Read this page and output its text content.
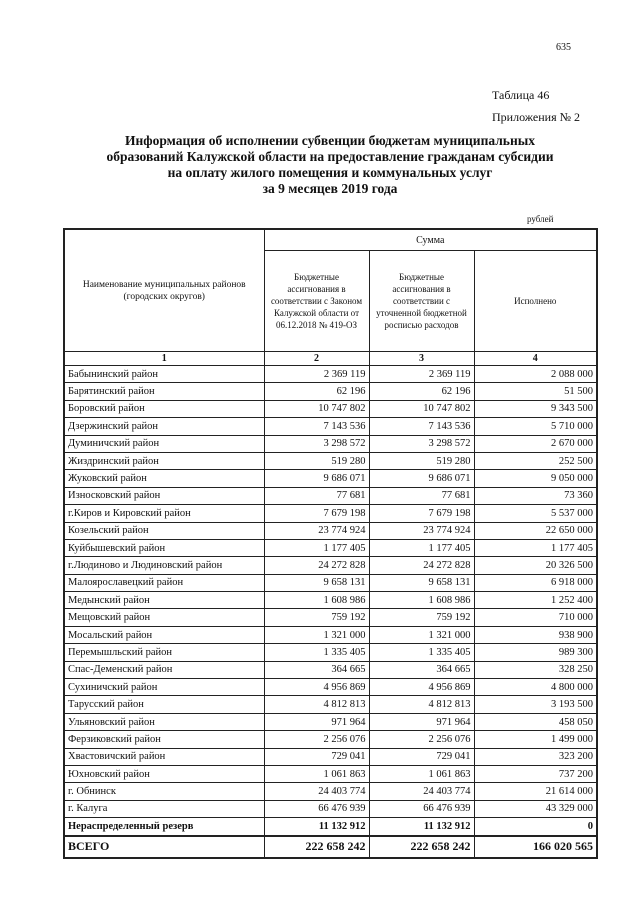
635
Таблица 46
Приложения № 2
Информация об исполнении субвенции бюджетам муниципальных
образований Калужской области на предоставление гражданам субсидии
на оплату жилого помещения и коммунальных услуг
за 9 месяцев 2019 года
рублей
Наименование муниципальных районов (городских округов)	Сумма		
	Бюджетные ассигнования в соответствии с Законом Калужской области от 06.12.2018 № 419-ОЗ	Бюджетные ассигнования в соответствии с уточненной бюджетной росписью расходов	Исполнено
1	2	3	4
Бабынинский район	2 369 119	2 369 119	2 088 000
Барятинский район	62 196	62 196	51 500
Боровский район	10 747 802	10 747 802	9 343 500
Дзержинский район	7 143 536	7 143 536	5 710 000
Думиничский район	3 298 572	3 298 572	2 670 000
Жиздринский район	519 280	519 280	252 500
Жуковский район	9 686 071	9 686 071	9 050 000
Износковский район	77 681	77 681	73 360
г.Киров и Кировский район	7 679 198	7 679 198	5 537 000
Козельский район	23 774 924	23 774 924	22 650 000
Куйбышевский район	1 177 405	1 177 405	1 177 405
г.Людиново и Людиновский район	24 272 828	24 272 828	20 326 500
Малоярославецкий район	9 658 131	9 658 131	6 918 000
Медынский район	1 608 986	1 608 986	1 252 400
Мещовский район	759 192	759 192	710 000
Мосальский район	1 321 000	1 321 000	938 900
Перемышльский район	1 335 405	1 335 405	989 300
Спас-Деменский район	364 665	364 665	328 250
Сухиничский район	4 956 869	4 956 869	4 800 000
Тарусский район	4 812 813	4 812 813	3 193 500
Ульяновский район	971 964	971 964	458 050
Ферзиковский район	2 256 076	2 256 076	1 499 000
Хвастовичский район	729 041	729 041	323 200
Юхновский район	1 061 863	1 061 863	737 200
г. Обнинск	24 403 774	24 403 774	21 614 000
г. Калуга	66 476 939	66 476 939	43 329 000
Нераспределенный резерв	11 132 912	11 132 912	0
ВСЕГО	222 658 242	222 658 242	166 020 565
